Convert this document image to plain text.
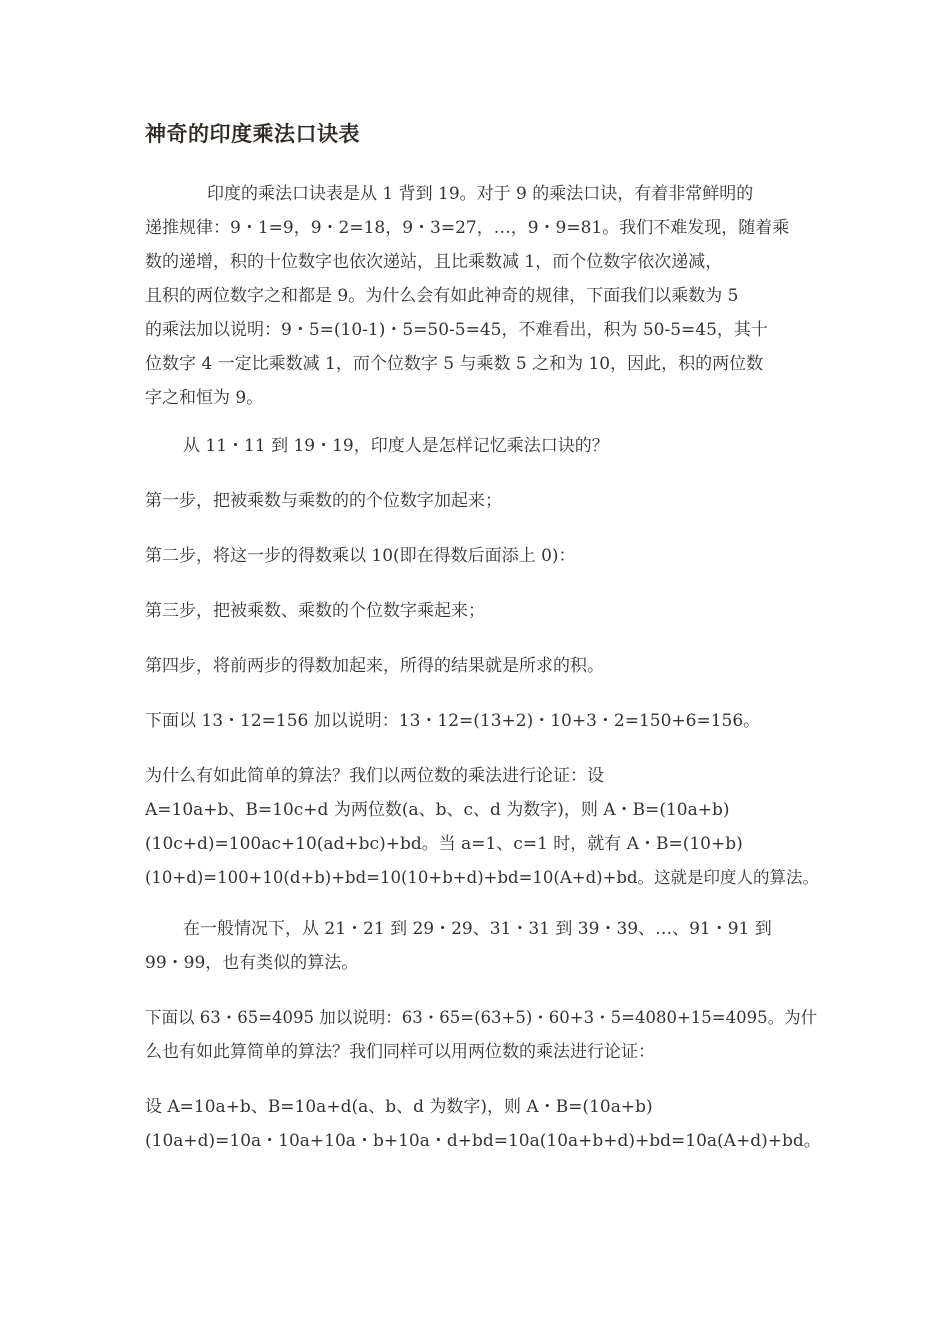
神奇的印度乘法口诀表
印度的乘法口诀表是从 1 背到 19。对于 9 的乘法口诀，有着非常鲜明的
递推规律：9・1=9，9・2=18，9・3=27，…，9・9=81。我们不难发现，随着乘
数的递增，积的十位数字也依次递站，且比乘数减 1，而个位数字依次递减，
且积的两位数字之和都是 9。为什么会有如此神奇的规律，下面我们以乘数为 5
的乘法加以说明：9・5=(10-1)・5=50-5=45，不难看出，积为 50-5=45，其十
位数字 4 一定比乘数减 1，而个位数字 5 与乘数 5 之和为 10，因此，积的两位数
字之和恒为 9。
从 11・11 到 19・19，印度人是怎样记忆乘法口诀的？
第一步，把被乘数与乘数的的个位数字加起来；
第二步，将这一步的得数乘以 10(即在得数后面添上 0)：
第三步，把被乘数、乘数的个位数字乘起来；
第四步，将前两步的得数加起来，所得的结果就是所求的积。
下面以 13・12=156 加以说明：13・12=(13+2)・10+3・2=150+6=156。
为什么有如此简单的算法？我们以两位数的乘法进行论证：设
A=10a+b、B=10c+d 为两位数(a、b、c、d 为数字)，则 A・B=(10a+b)
(10c+d)=100ac+10(ad+bc)+bd。当 a=1、c=1 时，就有 A・B=(10+b)
(10+d)=100+10(d+b)+bd=10(10+b+d)+bd=10(A+d)+bd。这就是印度人的算法。
在一般情况下，从 21・21 到 29・29、31・31 到 39・39、…、91・91 到
99・99，也有类似的算法。
下面以 63・65=4095 加以说明：63・65=(63+5)・60+3・5=4080+15=4095。为什
么也有如此算简单的算法？我们同样可以用两位数的乘法进行论证：
设 A=10a+b、B=10a+d(a、b、d 为数字)，则 A・B=(10a+b)
(10a+d)=10a・10a+10a・b+10a・d+bd=10a(10a+b+d)+bd=10a(A+d)+bd。
